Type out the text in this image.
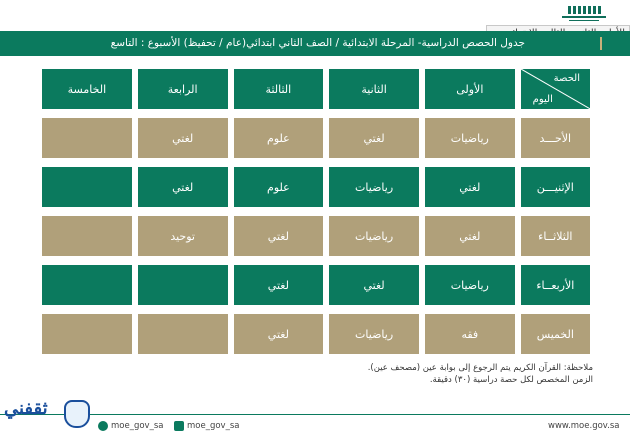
جدول الحصص الدراسية- المرحلة الابتدائية / الصف الثاني ابتدائي(عام / تحفيظ) الأسبوع : التاسع
الحصة
اليوم	الأولى	الثانية	الثالثة	الرابعة	الخامسة

الأحـــد	رياضيات	لغتي	علوم	لغتي	

الإثنيـــن	لغتي	رياضيات	علوم	لغتي	

الثلاثــاء	لغتي	رياضيات	لغتي	توحيد	

الأربعــاء	رياضيات	لغتي	لغتي		

الخميس	فقه	رياضيات	لغتي		
ملاحظة: القرآن الكريم يتم الرجوع إلى بوابة عين (مصحف عين).
الزمن المخصص لكل حصة دراسية (٣٠) دقيقة.
moe_gov_sa	moe_gov_sa	www.moe.gov.sa
ثقفني
